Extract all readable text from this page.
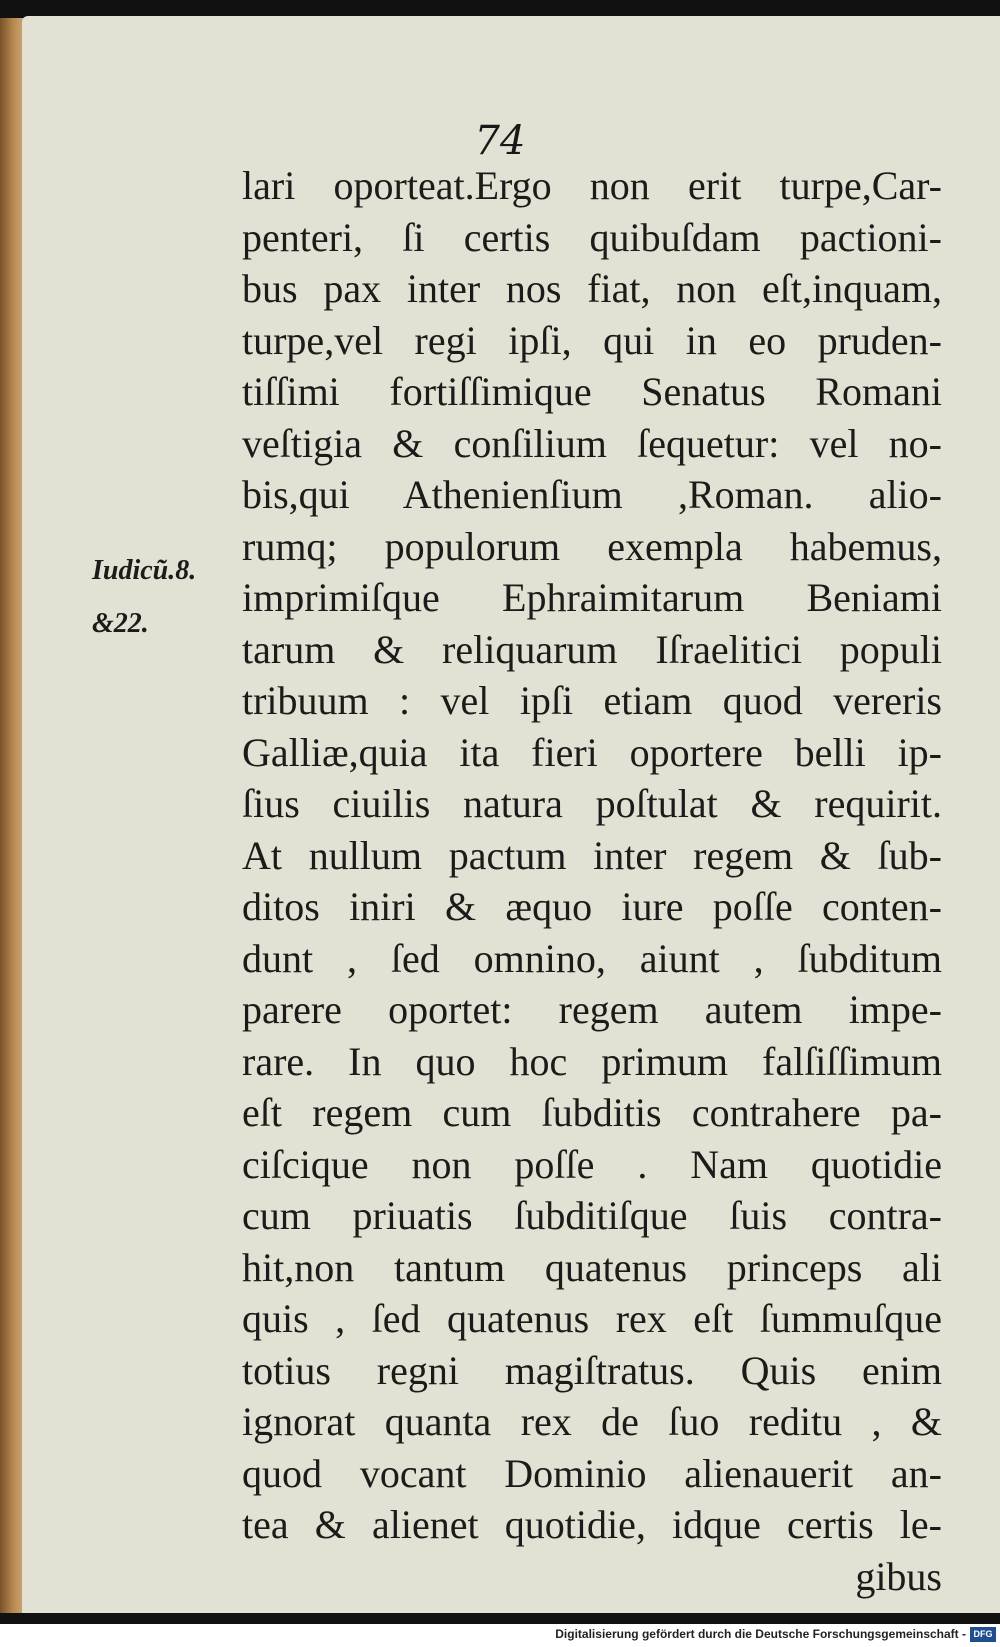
74
Iudicũ.8.
&22.
lari oporteat.Ergo non erit turpe,Car-
penteri, ſi certis quibuſdam pactioni-
bus pax inter nos fiat, non eſt,inquam,
turpe,vel regi ipſi, qui in eo pruden-
tiſſimi fortiſſimique Senatus Romani
veſtigia & conſilium ſequetur: vel no-
bis,qui Athenienſium ,Roman. alio-
rumq; populorum exempla habemus,
imprimiſque Ephraimitarum Beniami
tarum & reliquarum Iſraelitici populi
tribuum : vel ipſi etiam quod vereris
Galliæ,quia ita fieri oportere belli ip-
ſius ciuilis natura poſtulat & requirit.
At nullum pactum inter regem & ſub-
ditos iniri & æquo iure poſſe conten-
dunt , ſed omnino, aiunt , ſubditum
parere oportet: regem autem impe-
rare. In quo hoc primum falſiſſimum
eſt regem cum ſubditis contrahere pa-
ciſcique non poſſe . Nam quotidie
cum priuatis ſubditiſque ſuis contra-
hit,non tantum quatenus princeps ali
quis , ſed quatenus rex eſt ſummuſque
totius regni magiſtratus. Quis enim
ignorat quanta rex de ſuo reditu , &
quod vocant Dominio alienauerit an-
tea & alienet quotidie, idque certis le-
gibus
Digitalisierung gefördert durch die Deutsche Forschungsgemeinschaft - DFG
